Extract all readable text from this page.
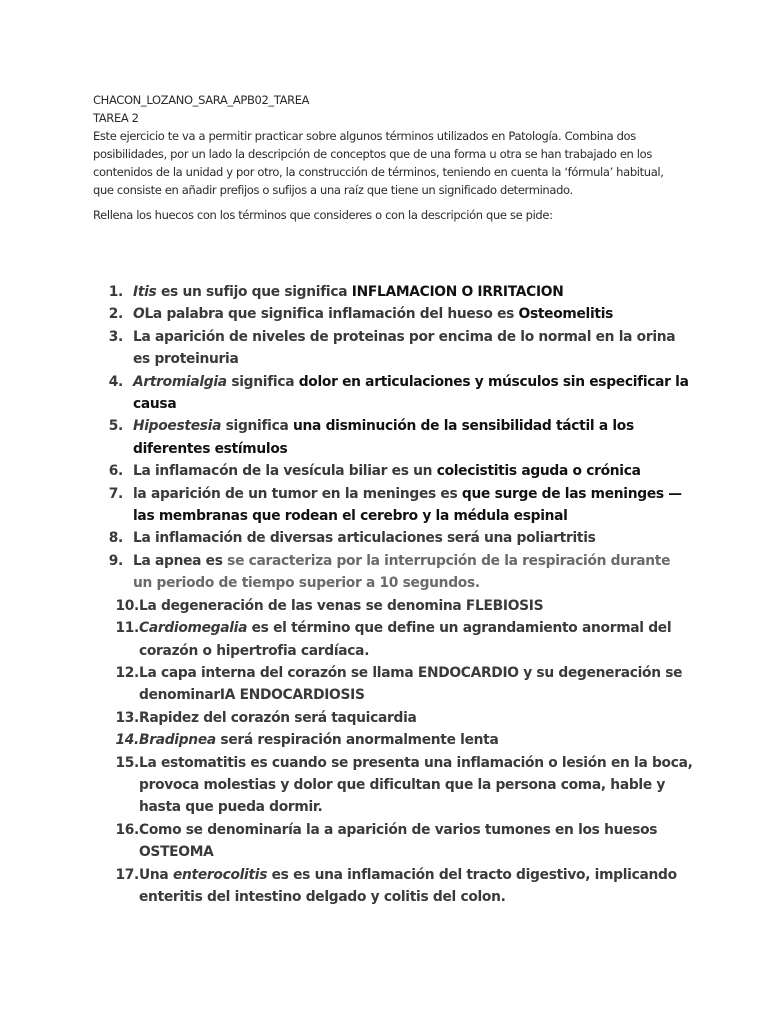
CHACON_LOZANO_SARA_APB02_TAREA

TAREA 2

Este ejercicio te va a permitir practicar sobre algunos términos utilizados en Patología. Combina dos posibilidades, por un lado la descripción de conceptos que de una forma u otra se han trabajado en los contenidos de la unidad y por otro, la construcción de términos, teniendo en cuenta la ‘fórmula’ habitual, que consiste en añadir prefijos o sufijos a una raíz que tiene un significado determinado.

Rellena los huecos con los términos que consideres o con la descripción que se pide:

1. Itis es un sufijo que significa INFLAMACION O IRRITACION
2. OLa palabra que significa inflamación del hueso es Osteomelitis
3. La aparición de niveles de proteinas por encima de lo normal en la orina es proteinuria
4. Artromialgia significa dolor en articulaciones y músculos sin especificar la causa
5. Hipoestesia significa una disminución de la sensibilidad táctil a los diferentes estímulos
6. La inflamacón de la vesícula biliar es un colecistitis aguda o crónica
7. la aparición de un tumor en la meninges es que surge de las meninges —las membranas que rodean el cerebro y la médula espinal
8. La inflamación de diversas articulaciones será una poliartritis
9. La apnea es se caracteriza por la interrupción de la respiración durante un periodo de tiempo superior a 10 segundos.
10. La degeneración de las venas se denomina FLEBIOSIS
11. Cardiomegalia es el término que define un agrandamiento anormal del corazón o hipertrofia cardíaca.
12. La capa interna del corazón se llama ENDOCARDIO y su degeneración se denominarIA ENDOCARDIOSIS
13. Rapidez del corazón será taquicardia
14. Bradipnea será respiración anormalmente lenta
15. La estomatitis es cuando se presenta una inflamación o lesión en la boca, provoca molestias y dolor que dificultan que la persona coma, hable y hasta que pueda dormir.
16. Como se denominaría la a aparición de varios tumones en los huesos OSTEOMA
17. Una enterocolitis es es una inflamación del tracto digestivo, implicando enteritis del intestino delgado y colitis del colon.
